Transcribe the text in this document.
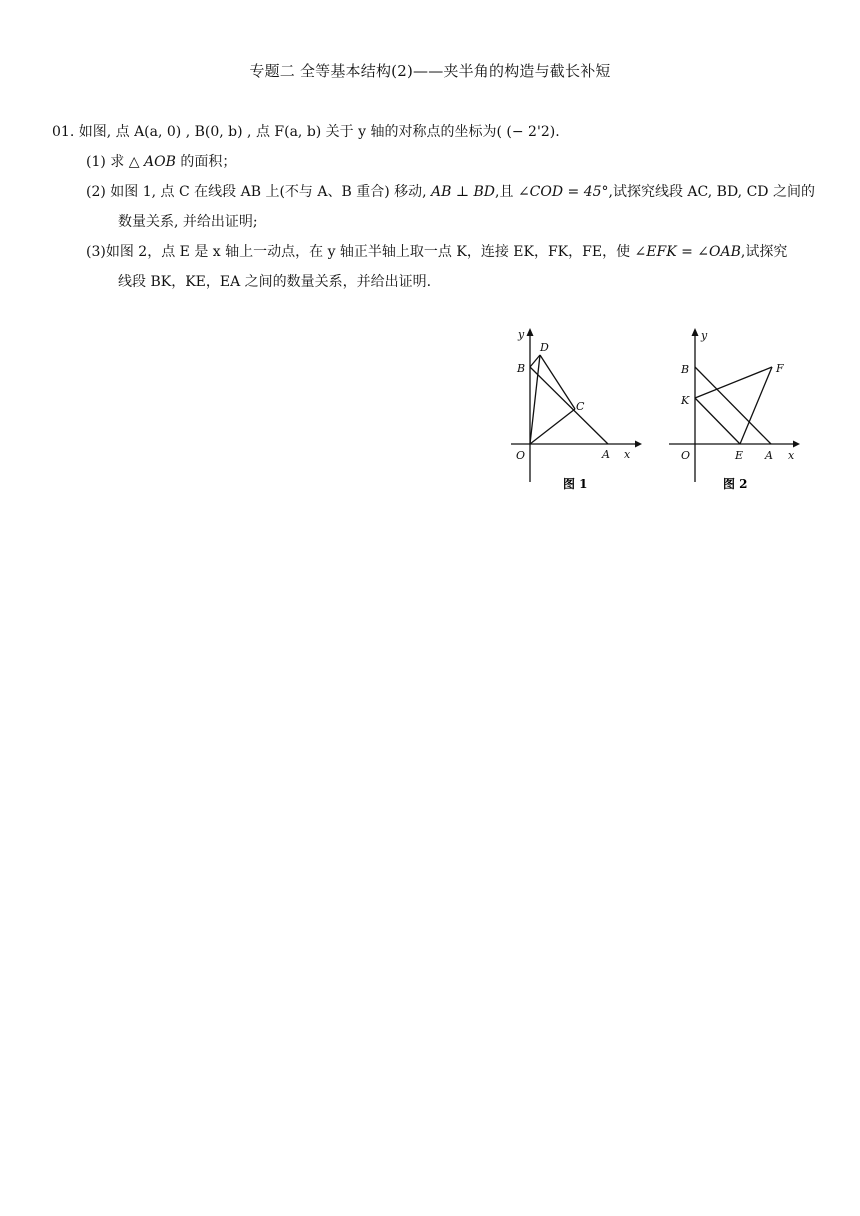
专题二 全等基本结构(2)——夹半角的构造与截长补短
01. 如图, 点 A(a, 0) , B(0, b) , 点 F(a, b) 关于 y 轴的对称点的坐标为( (− 2'2).
(1) 求 △ AOB 的面积；
(2) 如图 1, 点 C 在线段 AB 上(不与 A、B 重合) 移动, AB ⊥ BD,且 ∠COD = 45°,试探究线段 AC, BD, CD 之间的
数量关系, 并给出证明;
(3)如图 2，点 E 是 x 轴上一动点，在 y 轴正半轴上取一点 K，连接 EK，FK，FE，使 ∠EFK = ∠OAB,试探究
线段 BK，KE，EA 之间的数量关系，并给出证明.
y
x
O	A
B
C
D
图 1
y
x
O	A
E
B
K
F
图 2
